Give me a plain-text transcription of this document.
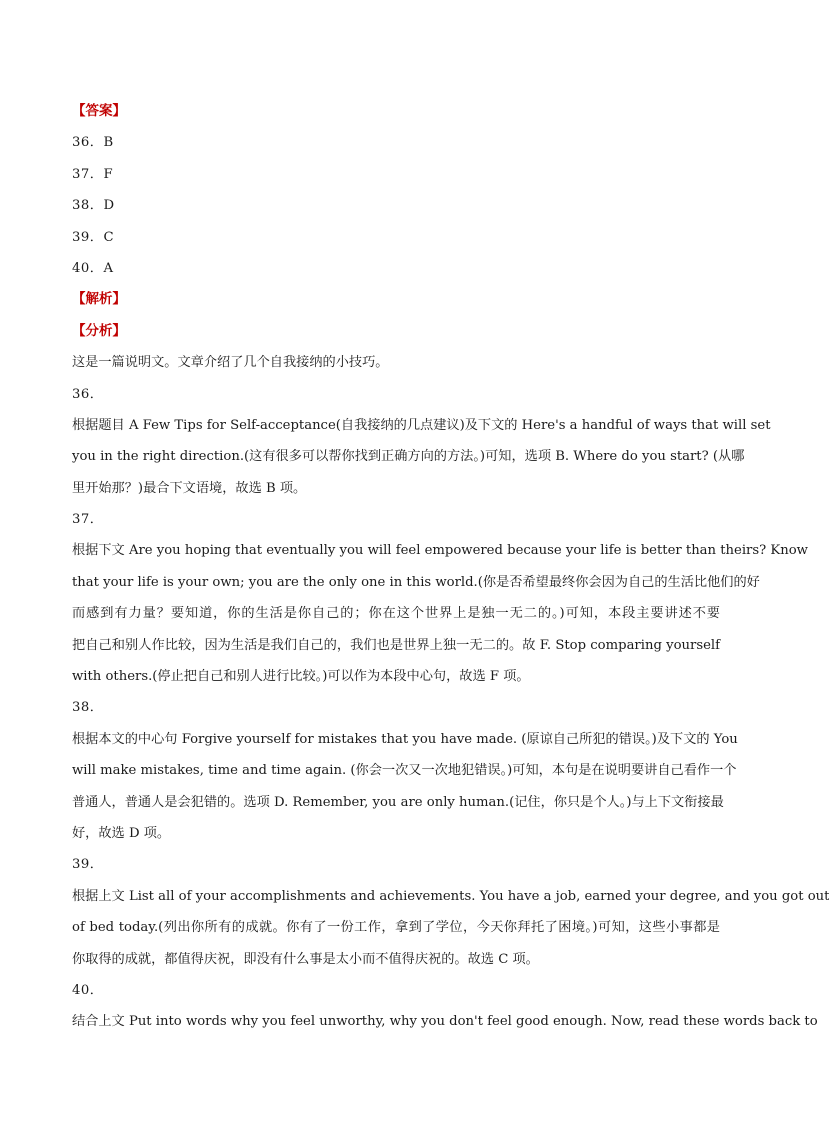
【答案】
36．B
37．F
38．D
39．C
40．A
【解析】
【分析】
这是一篇说明文。文章介绍了几个自我接纳的小技巧。
36．
根据题目 A Few Tips for Self-acceptance(自我接纳的几点建议)及下文的 Here's a handful of ways that will set
you in the right direction.(这有很多可以帮你找到正确方向的方法。)可知，选项 B. Where do you start? (从哪
里开始那？)最合下文语境，故选 B 项。
37．
根据下文 Are you hoping that eventually you will feel empowered because your life is better than theirs? Know
that your life is your own; you are the only one in this world.(你是否希望最终你会因为自己的生活比他们的好
而感到有力量？要知道，你的生活是你自己的；你在这个世界上是独一无二的。)可知，本段主要讲述不要
把自己和别人作比较，因为生活是我们自己的，我们也是世界上独一无二的。故 F. Stop comparing yourself
with others.(停止把自己和别人进行比较。)可以作为本段中心句，故选 F 项。
38．
根据本文的中心句 Forgive yourself for mistakes that you have made. (原谅自己所犯的错误。)及下文的 You
will make mistakes, time and time again. (你会一次又一次地犯错误。)可知，本句是在说明要讲自己看作一个
普通人，普通人是会犯错的。选项 D. Remember, you are only human.(记住，你只是个人。)与上下文衔接最
好，故选 D 项。
39．
根据上文 List all of your accomplishments and achievements. You have a job, earned your degree, and you got out
of bed today.(列出你所有的成就。你有了一份工作，拿到了学位，今天你拜托了困境。)可知，这些小事都是
你取得的成就，都值得庆祝，即没有什么事是太小而不值得庆祝的。故选 C 项。
40．
结合上文 Put into words why you feel unworthy, why you don't feel good enough. Now, read these words back to
